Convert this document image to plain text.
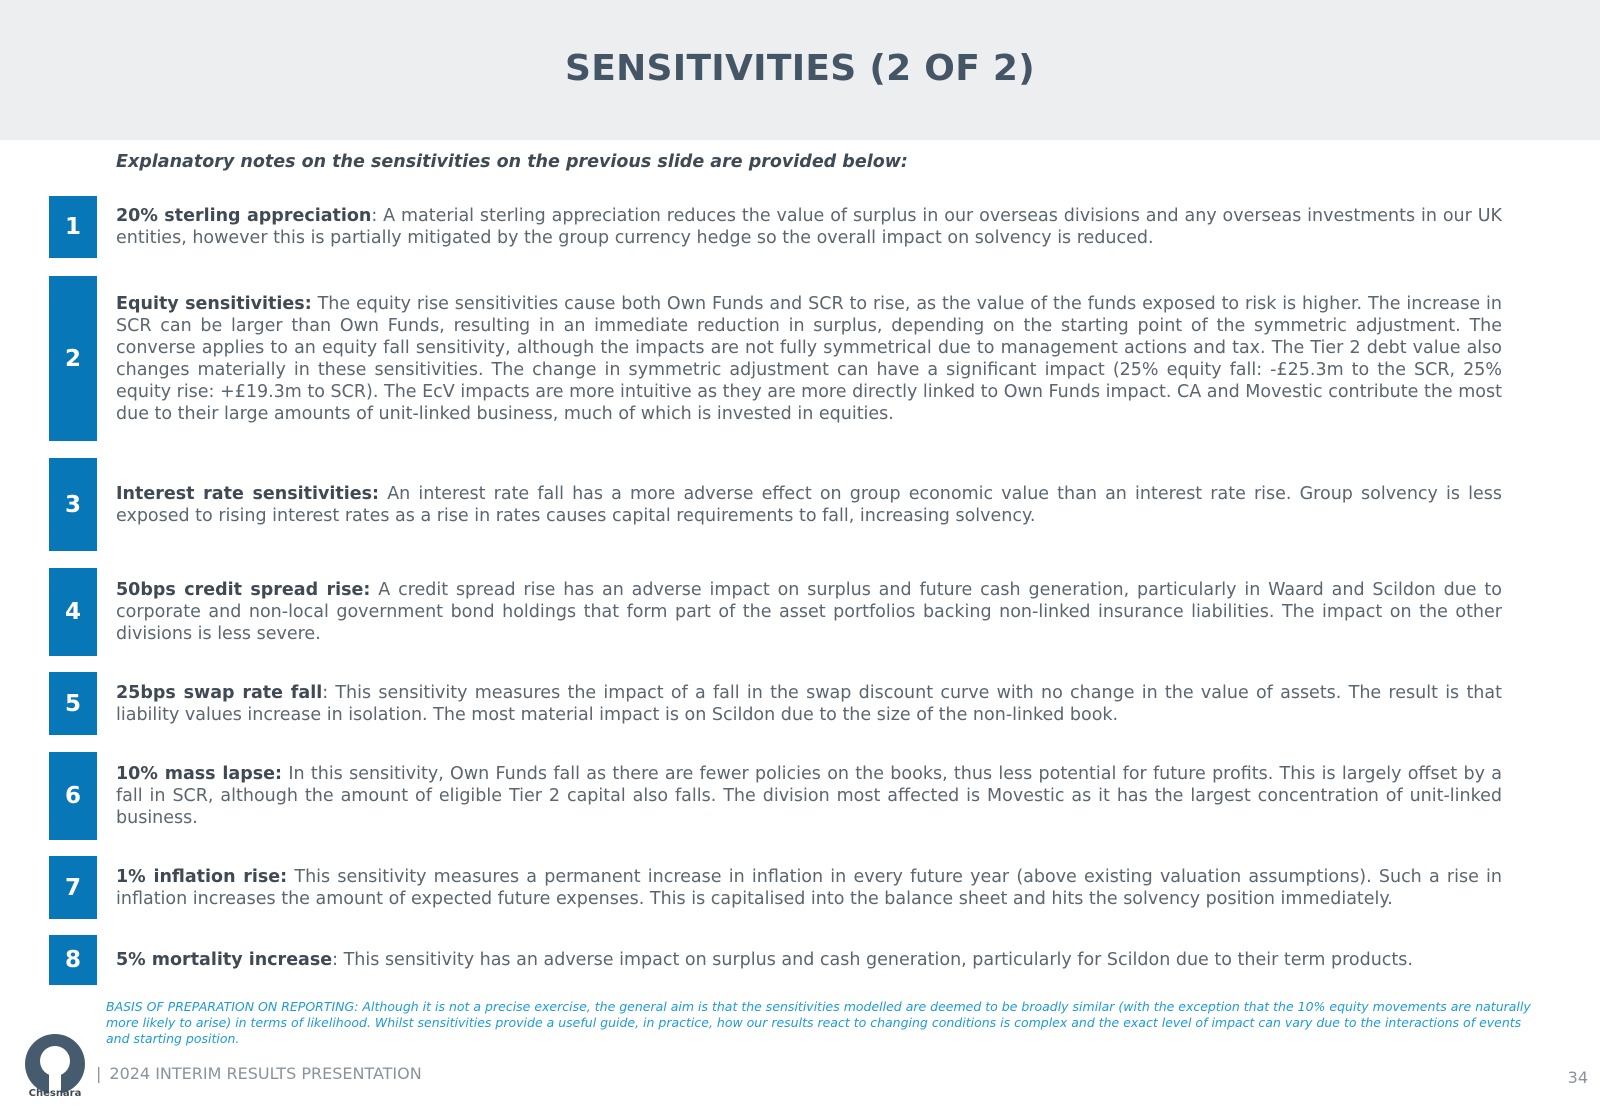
SENSITIVITIES (2 OF 2)
Explanatory notes on the sensitivities on the previous slide are provided below:
1	20% sterling appreciation: A material sterling appreciation reduces the value of surplus in our overseas divisions and any overseas investments in our UK entities, however this is partially mitigated by the group currency hedge so the overall impact on solvency is reduced.
2
Equity sensitivities: The equity rise sensitivities cause both Own Funds and SCR to rise, as the value of the funds exposed to risk is higher. The increase in SCR can be larger than Own Funds, resulting in an immediate reduction in surplus, depending on the starting point of the symmetric adjustment. The converse applies to an equity fall sensitivity, although the impacts are not fully symmetrical due to management actions and tax. The Tier 2 debt value also changes materially in these sensitivities. The change in symmetric adjustment can have a significant impact (25% equity fall: -£25.3m to the SCR, 25% equity rise: +£19.3m to SCR). The EcV impacts are more intuitive as they are more directly linked to Own Funds impact. CA and Movestic contribute the most due to their large amounts of unit-linked business, much of which is invested in equities.
3	Interest rate sensitivities: An interest rate fall has a more adverse effect on group economic value than an interest rate rise. Group solvency is less exposed to rising interest rates as a rise in rates causes capital requirements to fall, increasing solvency.
4
50bps credit spread rise: A credit spread rise has an adverse impact on surplus and future cash generation, particularly in Waard and Scildon due to corporate and non-local government bond holdings that form part of the asset portfolios backing non-linked insurance liabilities. The impact on the other divisions is less severe.
5	25bps swap rate fall: This sensitivity measures the impact of a fall in the swap discount curve with no change in the value of assets. The result is that liability values increase in isolation. The most material impact is on Scildon due to the size of the non-linked book.
6
10% mass lapse: In this sensitivity, Own Funds fall as there are fewer policies on the books, thus less potential for future profits. This is largely offset by a fall in SCR, although the amount of eligible Tier 2 capital also falls. The division most affected is Movestic as it has the largest concentration of unit-linked business.
7	1% inflation rise: This sensitivity measures a permanent increase in inflation in every future year (above existing valuation assumptions). Such a rise in inflation increases the amount of expected future expenses. This is capitalised into the balance sheet and hits the solvency position immediately.
8	5% mortality increase: This sensitivity has an adverse impact on surplus and cash generation, particularly for Scildon due to their term products.
BASIS OF PREPARATION ON REPORTING: Although it is not a precise exercise, the general aim is that the sensitivities modelled are deemed to be broadly similar (with the exception that the 10% equity movements are naturally more likely to arise) in terms of likelihood. Whilst sensitivities provide a useful guide, in practice, how our results react to changing conditions is complex and the exact level of impact can vary due to the interactions of events and starting position.
Chesnara
| 2024 INTERIM RESULTS PRESENTATION	34
